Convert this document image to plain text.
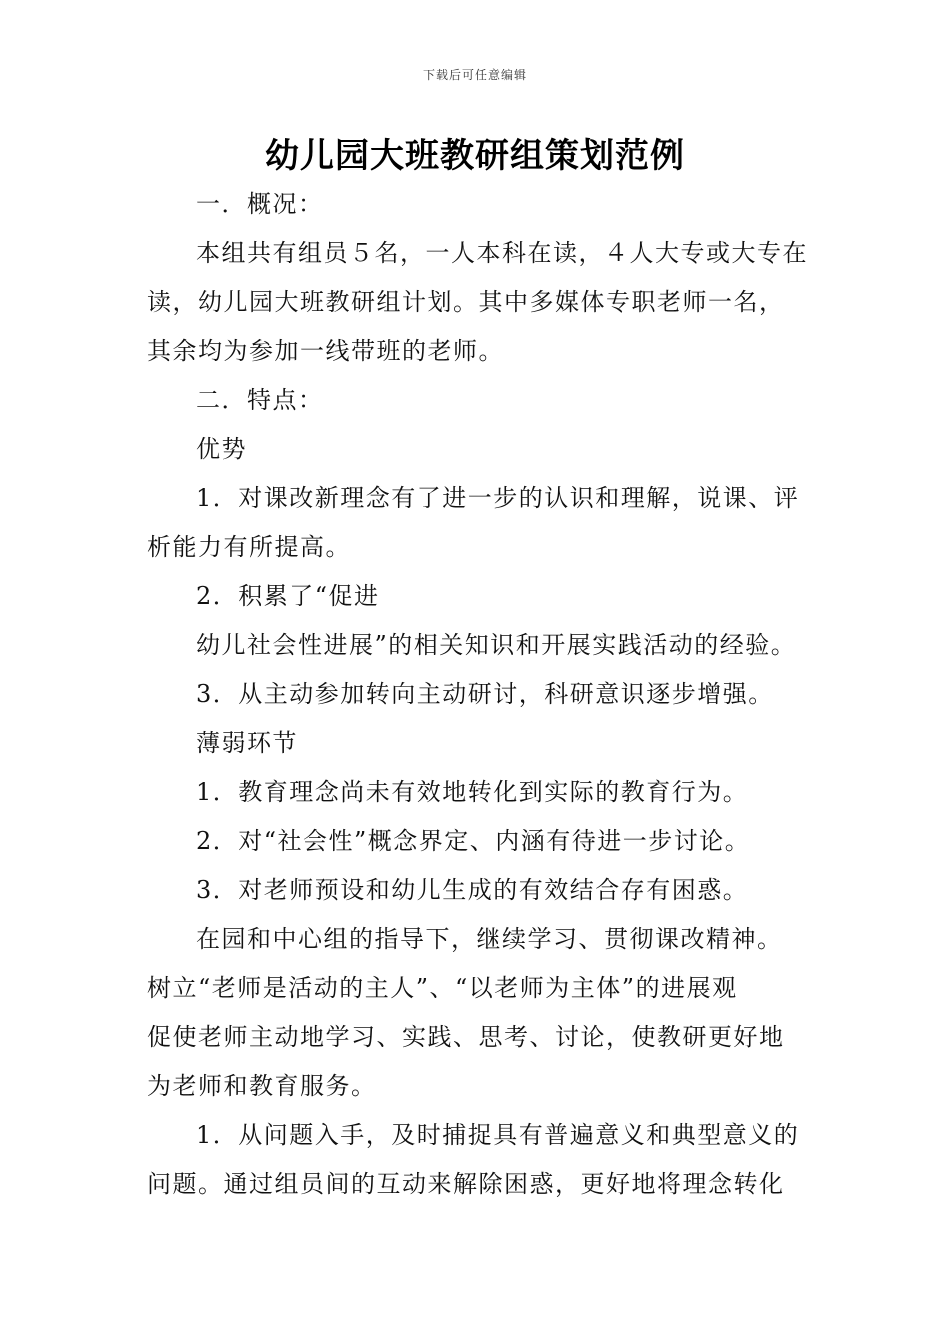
下载后可任意编辑
幼儿园大班教研组策划范例

一．概况：

本组共有组员５名，一人本科在读，４人大专或大专在

读，幼儿园大班教研组计划。其中多媒体专职老师一名，

其余均为参加一线带班的老师。

二．特点：

优势

1．对课改新理念有了进一步的认识和理解，说课、评

析能力有所提高。

2．积累了“促进

幼儿社会性进展”的相关知识和开展实践活动的经验。

3．从主动参加转向主动研讨，科研意识逐步增强。

薄弱环节

1．教育理念尚未有效地转化到实际的教育行为。

2．对“社会性”概念界定、内涵有待进一步讨论。

3．对老师预设和幼儿生成的有效结合存有困惑。

在园和中心组的指导下，继续学习、贯彻课改精神。

树立“老师是活动的主人”、“以老师为主体”的进展观

促使老师主动地学习、实践、思考、讨论，使教研更好地

为老师和教育服务。

1．从问题入手，及时捕捉具有普遍意义和典型意义的

问题。通过组员间的互动来解除困惑，更好地将理念转化
